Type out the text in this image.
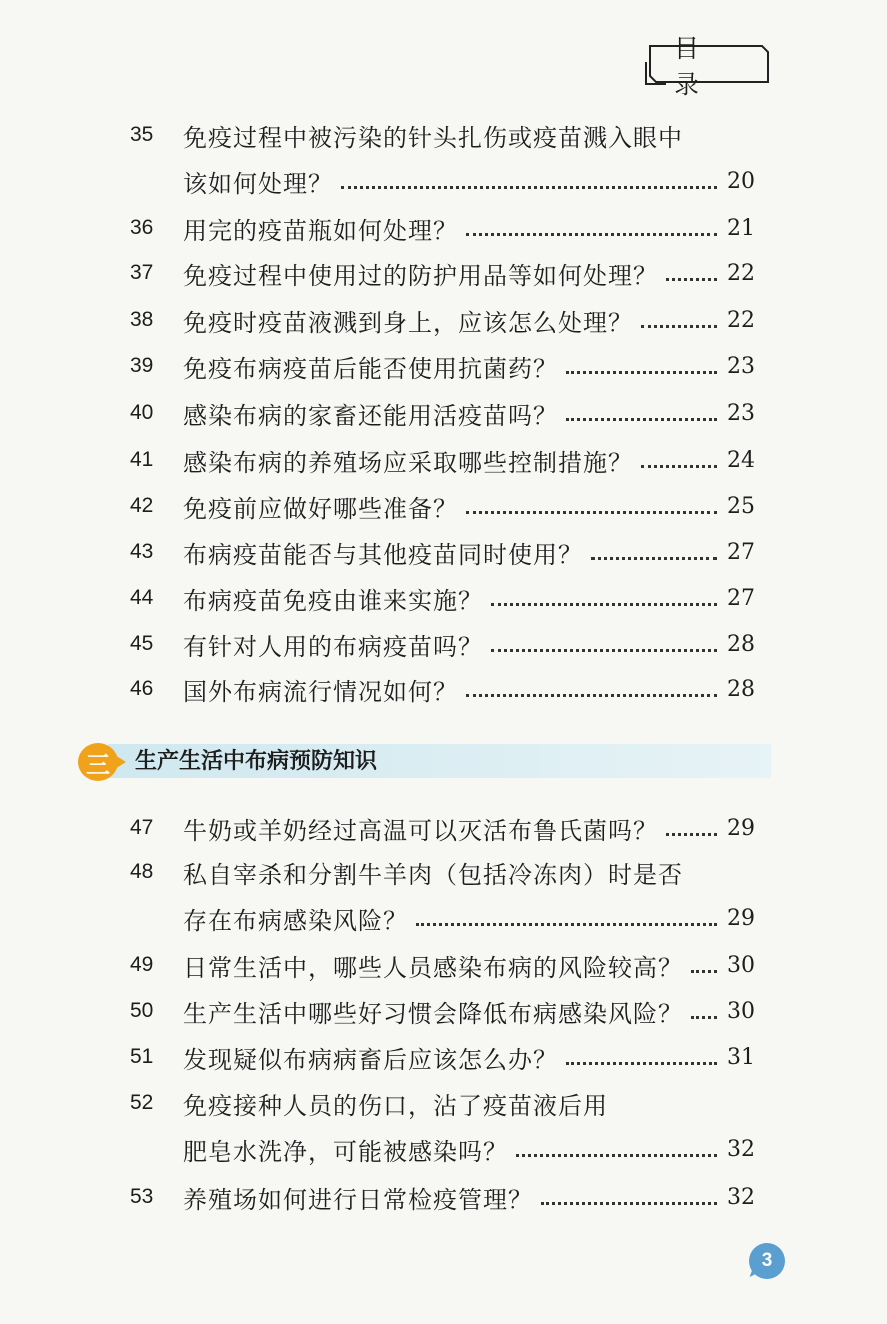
目录
35	免疫过程中被污染的针头扎伤或疫苗溅入眼中
该如何处理？	20
36	用完的疫苗瓶如何处理？	21
37	免疫过程中使用过的防护用品等如何处理？	22
38	免疫时疫苗液溅到身上，应该怎么处理？	22
39	免疫布病疫苗后能否使用抗菌药？	23
40	感染布病的家畜还能用活疫苗吗？	23
41	感染布病的养殖场应采取哪些控制措施？	24
42	免疫前应做好哪些准备？	25
43	布病疫苗能否与其他疫苗同时使用？	27
44	布病疫苗免疫由谁来实施？	27
45	有针对人用的布病疫苗吗？	28
46	国外布病流行情况如何？	28
三	生产生活中布病预防知识
47	牛奶或羊奶经过高温可以灭活布鲁氏菌吗？	29
48	私自宰杀和分割牛羊肉（包括冷冻肉）时是否
存在布病感染风险？	29
49	日常生活中，哪些人员感染布病的风险较高？ 30
50	生产生活中哪些好习惯会降低布病感染风险？ 30
51	发现疑似布病病畜后应该怎么办？	31
52	免疫接种人员的伤口，沾了疫苗液后用
肥皂水洗净，可能被感染吗？	32
53	养殖场如何进行日常检疫管理？	32
3
